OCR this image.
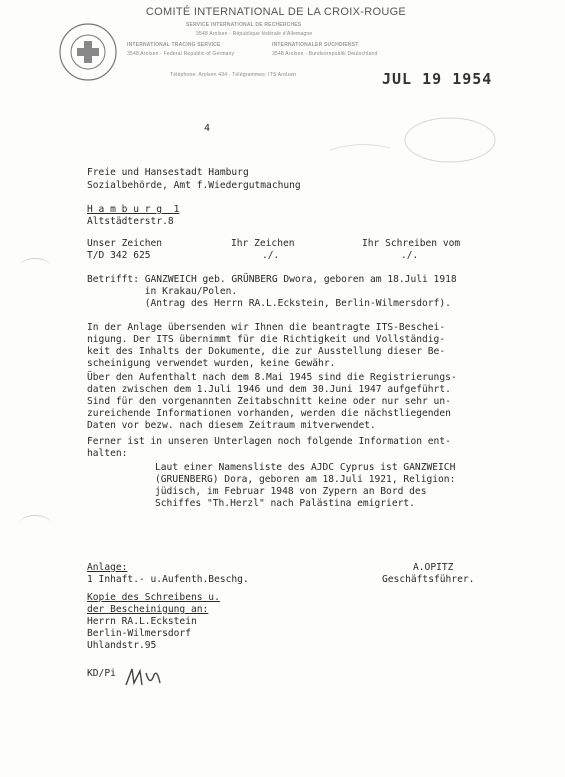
COMITÉ INTERNATIONAL DE LA CROIX-ROUGE
SERVICE INTERNATIONAL DE RECHERCHES
3548 Arolsen - République fédérale d'Allemagne
INTERNATIONAL TRACING SERVICE	INTERNATIONALER SUCHDIENST
3548 Arolsen - Federal Republic of Germany	3548 Arolsen - Bundesrepublik Deutschland
Téléphone: Arolsen 434 · Télégrammes: ITS Arolsen	JUL 19 1954
4
Freie und Hansestadt Hamburg
Sozialbehörde, Amt f.Wiedergutmachung
H a m b u r g  1
Altstädterstr.8
Unser Zeichen	Ihr Zeichen	Ihr Schreiben vom
T/D 342 625	./.	./.
Betrifft: GANZWEICH geb. GRÜNBERG Dwora, geboren am 18.Juli 1918
in Krakau/Polen.
(Antrag des Herrn RA.L.Eckstein, Berlin-Wilmersdorf).
In der Anlage übersenden wir Ihnen die beantragte ITS-Beschei-
nigung. Der ITS übernimmt für die Richtigkeit und Vollständig-
keit des Inhalts der Dokumente, die zur Ausstellung dieser Be-
scheinigung verwendet wurden, keine Gewähr.
Über den Aufenthalt nach dem 8.Mai 1945 sind die Registrierungs-
daten zwischen dem 1.Juli 1946 und dem 30.Juni 1947 aufgeführt.
Sind für den vorgenannten Zeitabschnitt keine oder nur sehr un-
zureichende Informationen vorhanden, werden die nächstliegenden
Daten vor bezw. nach diesem Zeitraum mitverwendet.
Ferner ist in unseren Unterlagen noch folgende Information ent-
halten:
Laut einer Namensliste des AJDC Cyprus ist GANZWEICH
(GRUENBERG) Dora, geboren am 18.Juli 1921, Religion:
jüdisch, im Februar 1948 von Zypern an Bord des
Schiffes "Th.Herzl" nach Palästina emigriert.
Anlage:
1 Inhaft.- u.Aufenth.Beschg.
A.OPITZ
Geschäftsführer.
Kopie des Schreibens u.
der Bescheinigung an:
Herrn RA.L.Eckstein
Berlin-Wilmersdorf
Uhlandstr.95
KD/Pi
